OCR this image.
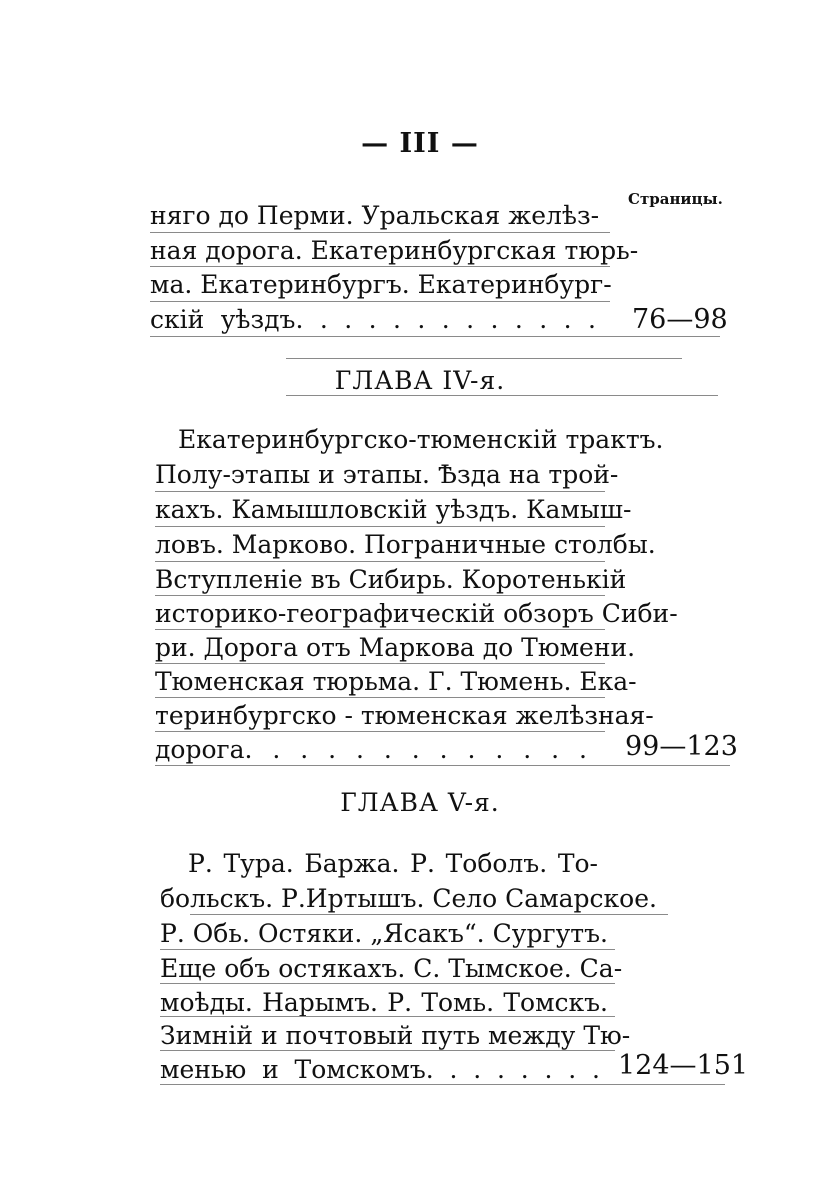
— III —
Страницы.
няго до Перми. Уральская желѣз-
ная дорога. Екатеринбургская тюрь-
ма. Екатеринбургъ. Екатеринбург-
скій уѣздъ. . . . . . . . . . . . . 76—98
ГЛАВА IV-я.
Екатеринбургско-тюменскій трактъ.
Полу-этапы и этапы. Ѣзда на трой-
кахъ. Камышловскій уѣздъ. Камыш-
ловъ. Марково. Пограничные столбы.
Вступленіе въ Сибирь. Коротенькій
историко-географическій обзоръ Сиби-
ри. Дорога отъ Маркова до Тюмени.
Тюменская тюрьма. Г. Тюмень. Ека-
теринбургско - тюменская желѣзная-
дорога. . . . . . . . . . . . . 99—123
ГЛАВА V-я.
Р. Тура. Баржа. Р. Тоболъ. То-
больскъ. Р.Иртышъ. Село Самарское.
Р. Обь. Остяки. „Ясакъ“. Сургутъ.
Еще объ остякахъ. С. Тымское. Са-
моѣды. Нарымъ. Р. Томь. Томскъ.
Зимній и почтовый путь между Тю-
менью и Томскомъ. . . . . . . . 124—151
